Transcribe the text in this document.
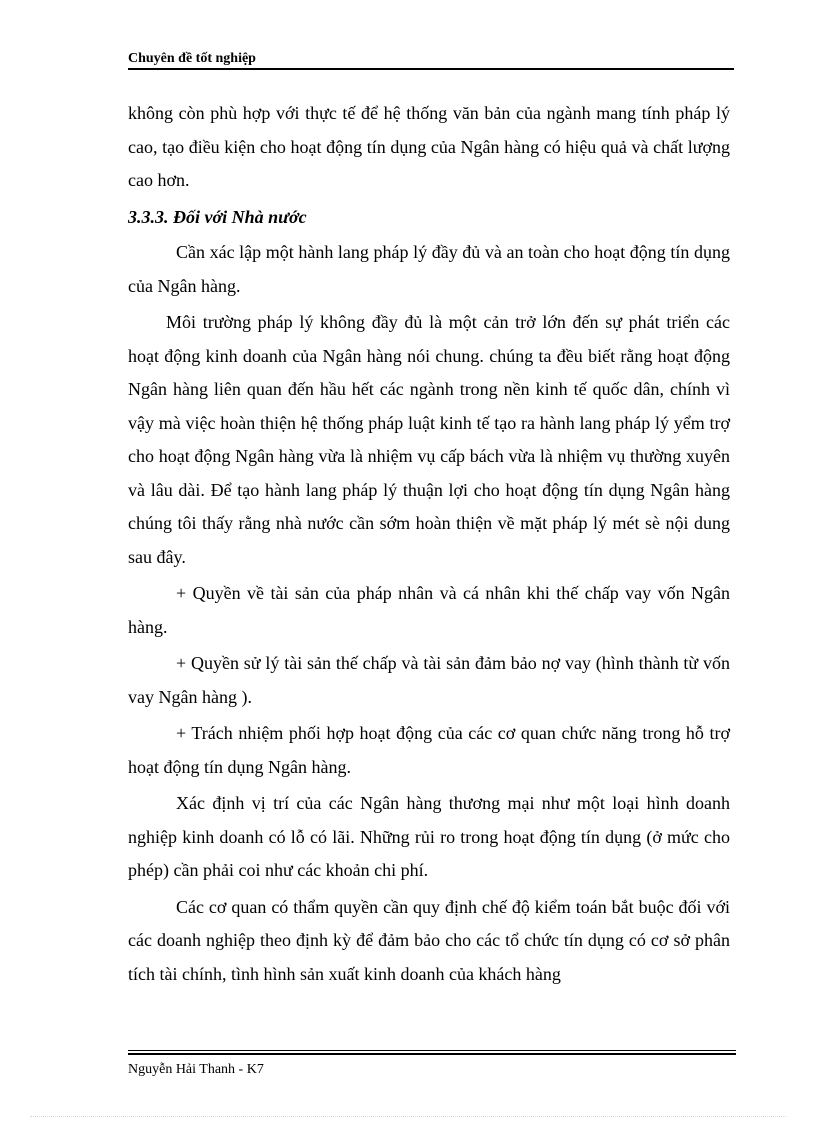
Chuyên đề tốt nghiệp

không còn phù hợp với thực tế để hệ thống văn bản của ngành mang tính pháp lý cao, tạo điều kiện cho hoạt động tín dụng của Ngân hàng có hiệu quả và chất lượng cao hơn.

3.3.3. Đối với Nhà nước

Cần xác lập một hành lang pháp lý đầy đủ và an toàn cho hoạt động tín dụng của Ngân hàng.

Môi trường pháp lý không đầy đủ là một cản trở lớn đến sự phát triển các hoạt động kinh doanh của Ngân hàng nói chung. chúng ta đều biết rằng hoạt động Ngân hàng liên quan đến hầu hết các ngành trong nền kinh tế quốc dân, chính vì vậy mà việc hoàn thiện hệ thống pháp luật kinh tế tạo ra hành lang pháp lý yểm trợ cho hoạt động Ngân hàng vừa là nhiệm vụ cấp bách vừa là nhiệm vụ thường xuyên và lâu dài. Để tạo hành lang pháp lý thuận lợi cho hoạt động tín dụng Ngân hàng chúng tôi thấy rằng nhà nước cần sớm hoàn thiện về mặt pháp lý mét sè nội dung sau đây.

+ Quyền về tài sản của pháp nhân và cá nhân khi thế chấp vay vốn Ngân hàng.

+ Quyền sử lý tài sản thế chấp và tài sản đảm bảo nợ vay (hình thành từ vốn vay Ngân hàng ).

+ Trách nhiệm phối hợp hoạt động của các cơ quan chức năng trong hỗ trợ hoạt động tín dụng Ngân hàng.

Xác định vị trí của các Ngân hàng thương mại như một loại hình doanh nghiệp kinh doanh có lỗ có lãi. Những rủi ro trong hoạt động tín dụng (ở mức cho phép) cần phải coi như các khoản chi phí.

Các cơ quan có thẩm quyền cần quy định chế độ kiểm toán bắt buộc đối với các doanh nghiệp theo định kỳ để đảm bảo cho các tổ chức tín dụng có cơ sở phân tích tài chính, tình hình sản xuất kinh doanh của khách hàng

Nguyễn Hải Thanh - K7
